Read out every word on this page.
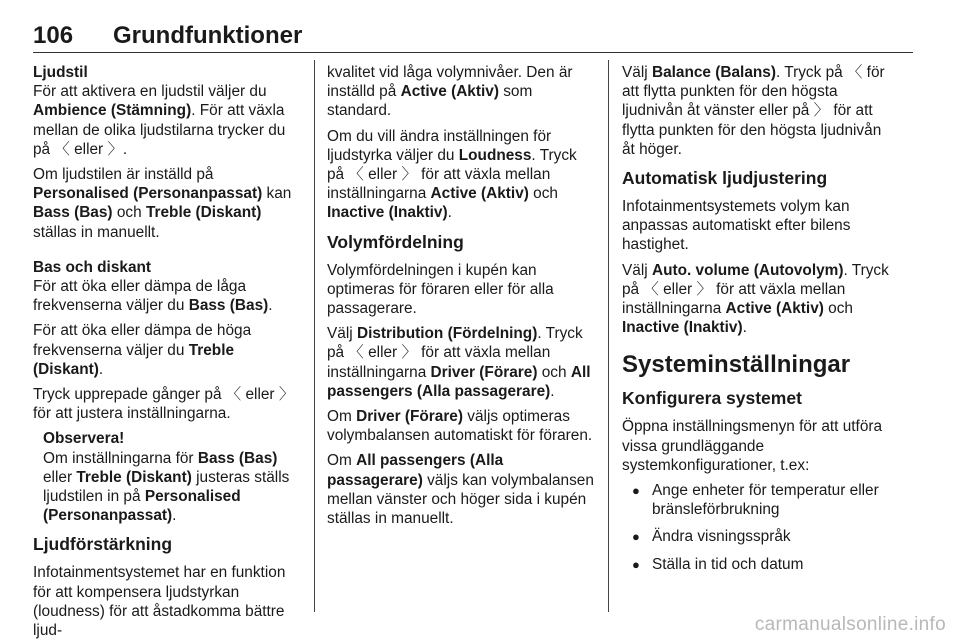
106 Grundfunktioner

Ljudstil

För att aktivera en ljudstil väljer du Ambience (Stämning). För att växla mellan de olika ljudstilarna trycker du på 〈 eller 〉.

Om ljudstilen är inställd på Personalised (Personanpassat) kan Bass (Bas) och Treble (Diskant) ställas in manuellt.

Bas och diskant

För att öka eller dämpa de låga frekvenserna väljer du Bass (Bas).

För att öka eller dämpa de höga frekvenserna väljer du Treble (Diskant).

Tryck upprepade gånger på 〈 eller 〉 för att justera inställningarna.

Observera!

Om inställningarna för Bass (Bas) eller Treble (Diskant) justeras ställs ljudstilen in på Personalised (Personanpassat).

Ljudförstärkning

Infotainmentsystemet har en funktion för att kompensera ljudstyrkan (loudness) för att åstadkomma bättre ljud-

kvalitet vid låga volymnivåer. Den är inställd på Active (Aktiv) som standard.

Om du vill ändra inställningen för ljudstyrka väljer du Loudness. Tryck på 〈 eller 〉 för att växla mellan inställningarna Active (Aktiv) och Inactive (Inaktiv).

Volymfördelning

Volymfördelningen i kupén kan optimeras för föraren eller för alla passagerare.

Välj Distribution (Fördelning). Tryck på 〈 eller 〉 för att växla mellan inställningarna Driver (Förare) och All passengers (Alla passagerare).

Om Driver (Förare) väljs optimeras volymbalansen automatiskt för föraren.

Om All passengers (Alla passagerare) väljs kan volymbalansen mellan vänster och höger sida i kupén ställas in manuellt.

Välj Balance (Balans). Tryck på 〈 för att flytta punkten för den högsta ljudnivån åt vänster eller på 〉 för att flytta punkten för den högsta ljudnivån åt höger.

Automatisk ljudjustering

Infotainmentsystemets volym kan anpassas automatiskt efter bilens hastighet.

Välj Auto. volume (Autovolym). Tryck på 〈 eller 〉 för att växla mellan inställningarna Active (Aktiv) och Inactive (Inaktiv).

Systeminställningar

Konfigurera systemet

Öppna inställningsmenyn för att utföra vissa grundläggande systemkonfigurationer, t.ex:

● Ange enheter för temperatur eller bränsleförbrukning
● Ändra visningsspråk
● Ställa in tid och datum
carmanualsonline.info
